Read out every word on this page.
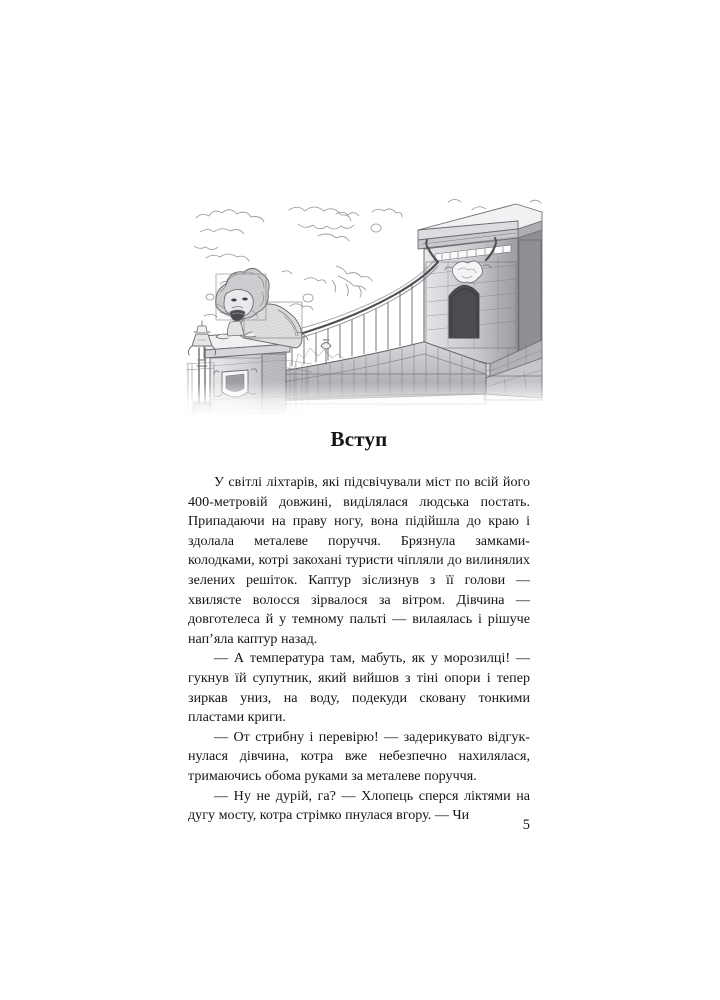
Вступ

У світлі ліхтарів, які підсвічували міст по всій його 400-метровій довжині, виділялася людська постать. Припадаючи на праву ногу, вона підійшла до краю і здолала металеве поруччя. Брязнула замками-колодками, котрі закохані туристи чіпляли до вилинялих зелених решіток. Каптур зіслизнув з її голови — хвилясте волосся зірвалося за вітром. Дівчина — довготелеса й у темному пальті — вилаялась і рішуче нап’яла каптур назад.

— А температура там, мабуть, як у морозилці! — гукнув їй супутник, який вийшов з тіні опори і тепер зиркав униз, на воду, подекуди сковану тонкими пластами криги.

— От стрибну і перевірю! — задерикувато відгукнулася дівчина, котра вже небезпечно нахилялася, тримаючись обома руками за металеве поруччя.

— Ну не дурій, га? — Хлопець сперся ліктями на дугу мосту, котра стрімко пнулася вгору. — Чи

5
